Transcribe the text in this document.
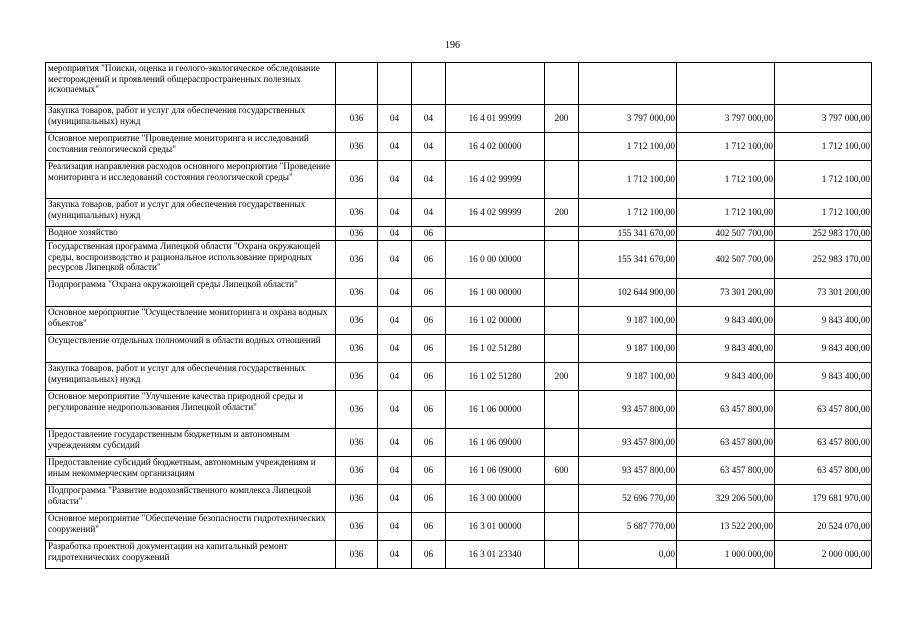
196
мероприятия "Поиски, оценка и геолого-экологическое обследование месторождений и проявлений общераспространенных полезных ископаемых"								
Закупка товаров, работ и услуг для обеспечения государственных (муниципальных) нужд	036	04	04	16 4 01 99999	200	3 797 000,00	3 797 000,00	3 797 000,00
Основное мероприятие "Проведение мониторинга и исследований состояния геологической среды"	036	04	04	16 4 02 00000		1 712 100,00	1 712 100,00	1 712 100,00
Реализация направления расходов основного мероприятия "Проведение мониторинга и исследований состояния геологической среды"	036	04	04	16 4 02 99999		1 712 100,00	1 712 100,00	1 712 100,00
Закупка товаров, работ и услуг для обеспечения государственных (муниципальных) нужд	036	04	04	16 4 02 99999	200	1 712 100,00	1 712 100,00	1 712 100,00
Водное хозяйство	036	04	06			155 341 670,00	402 507 700,00	252 983 170,00
Государственная программа Липецкой области "Охрана окружающей среды, воспроизводство и рациональное использование природных ресурсов Липецкой области"	036	04	06	16 0 00 00000		155 341 670,00	402 507 700,00	252 983 170,00
Подпрограмма "Охрана окружающей среды Липецкой области"	036	04	06	16 1 00 00000		102 644 900,00	73 301 200,00	73 301 200,00
Основное мероприятие "Осуществление мониторинга и охрана водных объектов"	036	04	06	16 1 02 00000		9 187 100,00	9 843 400,00	9 843 400,00
Осуществление отдельных полномочий в области водных отношений	036	04	06	16 1 02 51280		9 187 100,00	9 843 400,00	9 843 400,00
Закупка товаров, работ и услуг для обеспечения государственных (муниципальных) нужд	036	04	06	16 1 02 51280	200	9 187 100,00	9 843 400,00	9 843 400,00
Основное мероприятие "Улучшение качества природной среды и регулирование недропользования Липецкой области"	036	04	06	16 1 06 00000		93 457 800,00	63 457 800,00	63 457 800,00
Предоставление государственным бюджетным и автономным учреждениям субсидий	036	04	06	16 1 06 09000		93 457 800,00	63 457 800,00	63 457 800,00
Предоставление субсидий бюджетным, автономным учреждениям и иным некоммерческим организациям	036	04	06	16 1 06 09000	600	93 457 800,00	63 457 800,00	63 457 800,00
Подпрограмма "Развитие водохозяйственного комплекса Липецкой области"	036	04	06	16 3 00 00000		52 696 770,00	329 206 500,00	179 681 970,00
Основное мероприятие "Обеспечение безопасности гидротехнических сооружений"	036	04	06	16 3 01 00000		5 687 770,00	13 522 200,00	20 524 070,00
Разработка проектной документации на капитальный ремонт гидротехнических сооружений	036	04	06	16 3 01 23340		0,00	1 000 000,00	2 000 000,00
